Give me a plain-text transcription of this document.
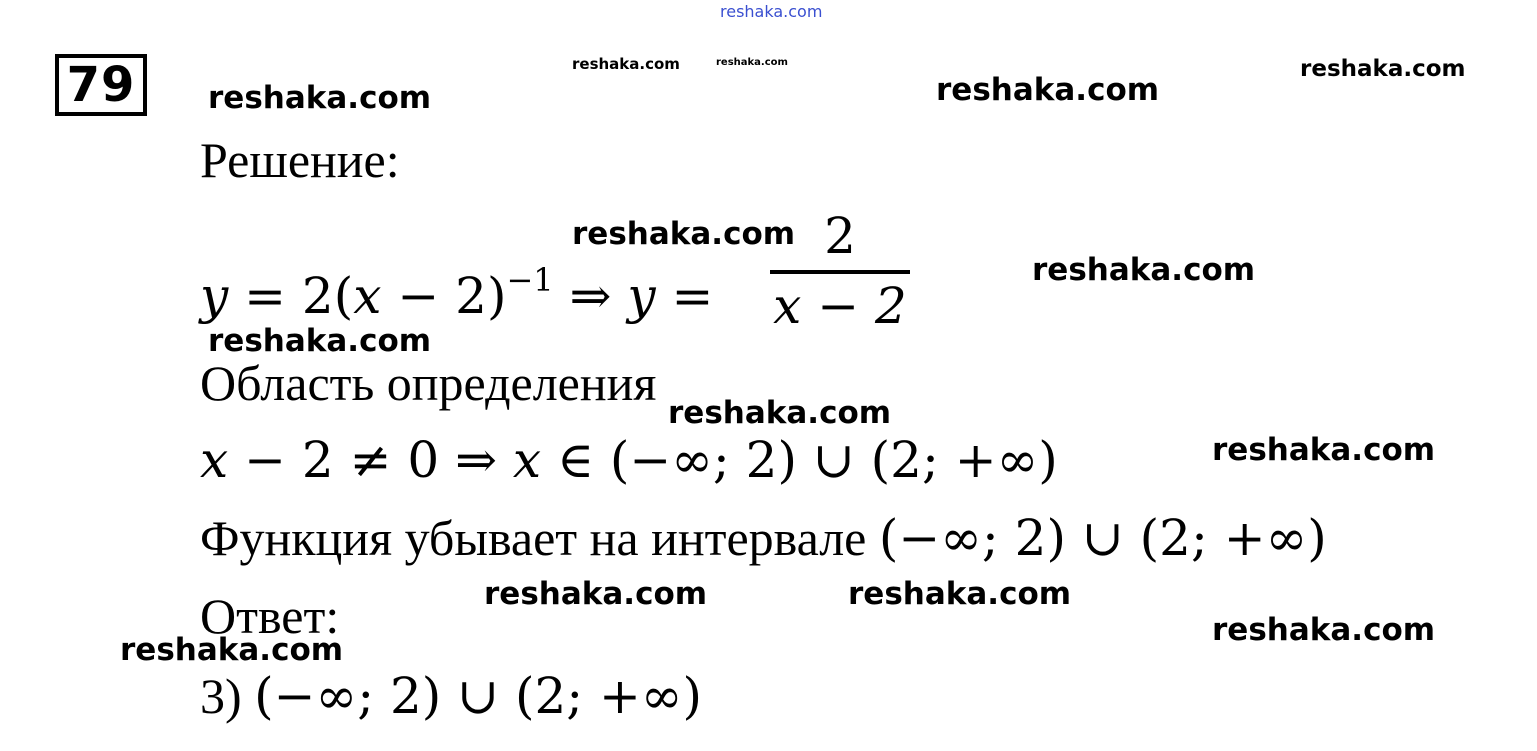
reshaka.com
79	reshaka.com	reshaka.com	reshaka.com
reshaka.com	reshaka.com
reshaka.com
reshaka.com
reshaka.com
reshaka.com
reshaka.com
reshaka.com	reshaka.com
reshaka.com
reshaka.com
Решение:
$y = 2(x - 2)^{-1}$ ⇒ y =
2
x − 2
Область определения
x − 2 ≠ 0 ⇒ x ∈ (−∞; 2) ∪ (2; +∞)
Функция убывает на интервале (−∞; 2) ∪ (2; +∞)
Ответ:
3) (−∞; 2) ∪ (2; +∞)
